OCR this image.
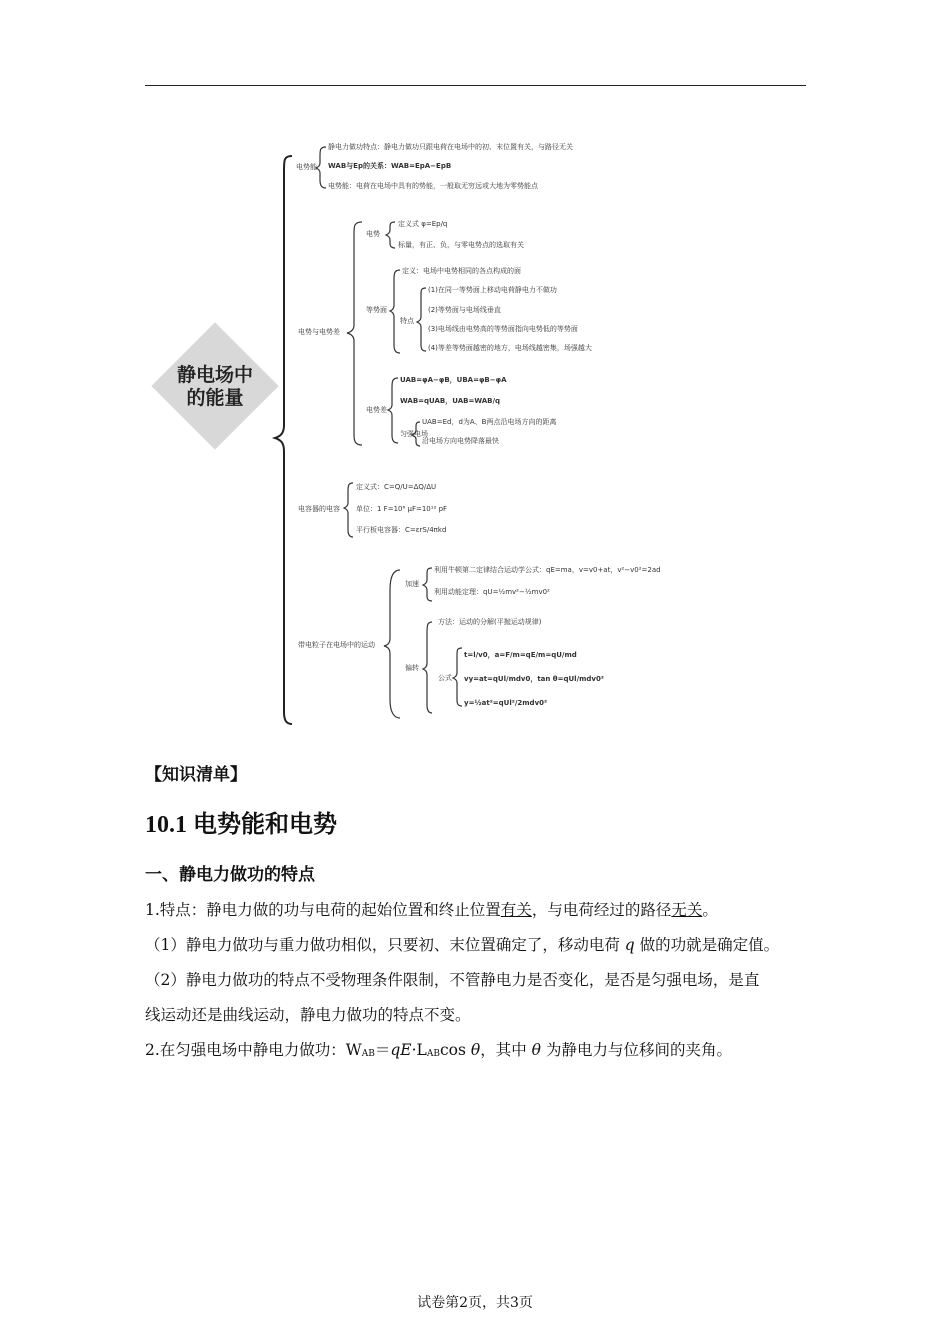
静电场中
的能量
电势能
静电力做功特点：静电力做功只跟电荷在电场中的初、末位置有关，与路径无关
WAB与Ep的关系：WAB=EpA−EpB
电势能：电荷在电场中具有的势能，一般取无穷远或大地为零势能点
电势与电势差
电势
定义式 φ=Ep/q
标量，有正、负，与零电势点的选取有关
等势面
定义：电场中电势相同的各点构成的面
特点
(1)在同一等势面上移动电荷静电力不做功
(2)等势面与电场线垂直
(3)电场线由电势高的等势面指向电势低的等势面
(4)等差等势面越密的地方，电场线越密集，场强越大
电势差
UAB=φA−φB，UBA=φB−φA
WAB=qUAB，UAB=WAB/q
匀强电场
UAB=Ed，d为A、B两点沿电场方向的距离
沿电场方向电势降落最快
电容器的电容
定义式：C=Q/U=ΔQ/ΔU
单位：1 F=10⁶ μF=10¹² pF
平行板电容器：C=εrS/4πkd
带电粒子在电场中的运动
加速
利用牛顿第二定律结合运动学公式：qE=ma，v=v0+at，v²−v0²=2ad
利用动能定理：qU=½mv²−½mv0²
偏转
方法：运动的分解(平抛运动规律)
公式
t=l/v0，a=F/m=qE/m=qU/md
vy=at=qUl/mdv0，tan θ=qUl/mdv0²
y=½at²=qUl²/2mdv0²
【知识清单】
10.1 电势能和电势
一、静电力做功的特点
1.特点：静电力做的功与电荷的起始位置和终止位置有关，与电荷经过的路径无关。
（1）静电力做功与重力做功相似，只要初、末位置确定了，移动电荷 q 做的功就是确定值。
（2）静电力做功的特点不受物理条件限制，不管静电力是否变化，是否是匀强电场，是直
线运动还是曲线运动，静电力做功的特点不变。
2.在匀强电场中静电力做功：WAB＝qE·LABcos θ，其中 θ 为静电力与位移间的夹角。
试卷第2页，共3页
